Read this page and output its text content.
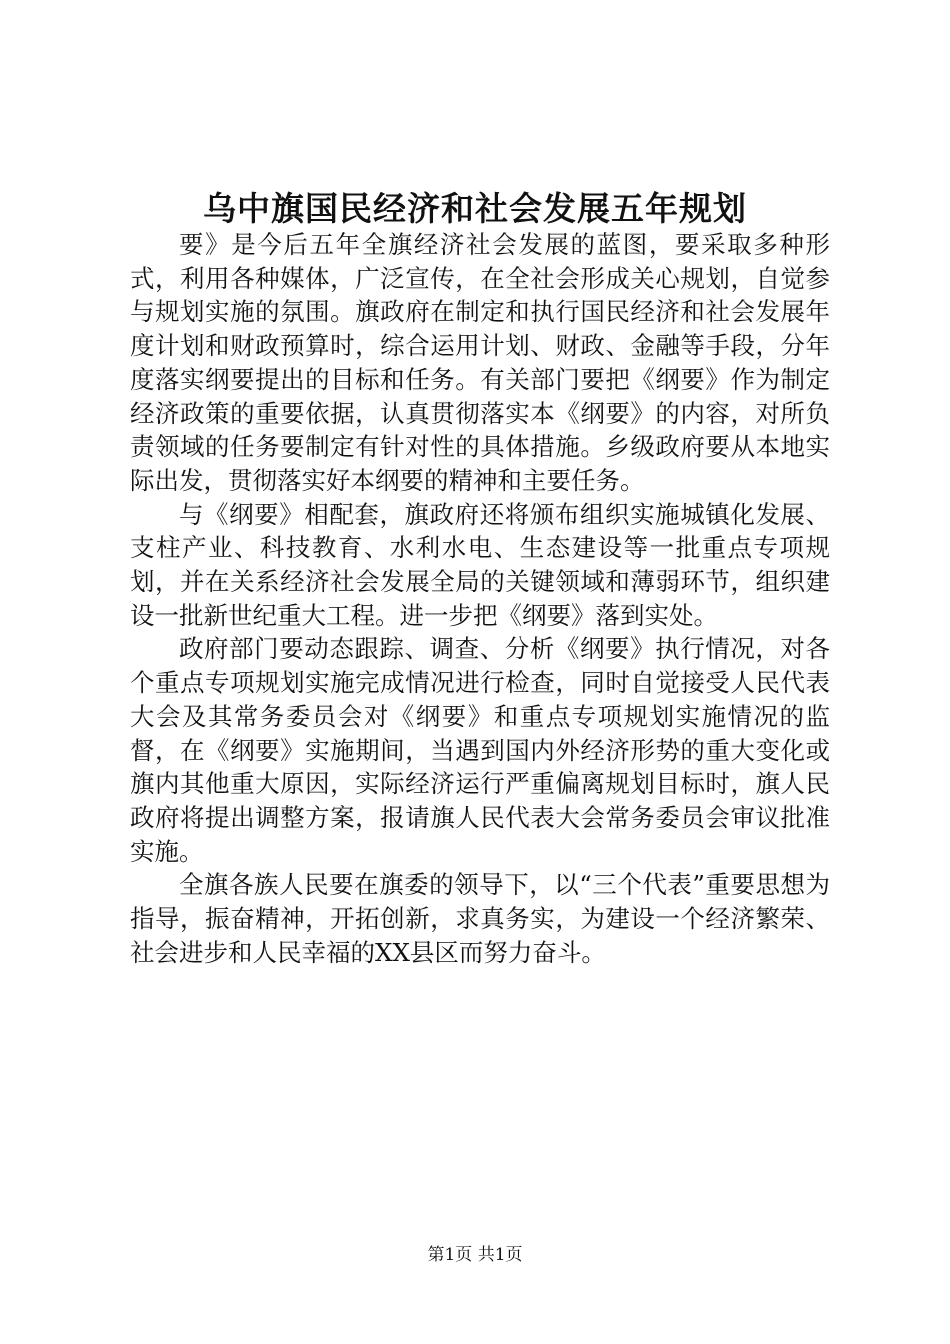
乌中旗国民经济和社会发展五年规划

要》是今后五年全旗经济社会发展的蓝图，要采取多种形式，利用各种媒体，广泛宣传，在全社会形成关心规划，自觉参与规划实施的氛围。旗政府在制定和执行国民经济和社会发展年度计划和财政预算时，综合运用计划、财政、金融等手段，分年度落实纲要提出的目标和任务。有关部门要把《纲要》作为制定经济政策的重要依据，认真贯彻落实本《纲要》的内容，对所负责领域的任务要制定有针对性的具体措施。乡级政府要从本地实际出发，贯彻落实好本纲要的精神和主要任务。

与《纲要》相配套，旗政府还将颁布组织实施城镇化发展、支柱产业、科技教育、水利水电、生态建设等一批重点专项规划，并在关系经济社会发展全局的关键领域和薄弱环节，组织建设一批新世纪重大工程。进一步把《纲要》落到实处。

政府部门要动态跟踪、调查、分析《纲要》执行情况，对各个重点专项规划实施完成情况进行检查，同时自觉接受人民代表大会及其常务委员会对《纲要》和重点专项规划实施情况的监督，在《纲要》实施期间，当遇到国内外经济形势的重大变化或旗内其他重大原因，实际经济运行严重偏离规划目标时，旗人民政府将提出调整方案，报请旗人民代表大会常务委员会审议批准实施。

全旗各族人民要在旗委的领导下，以“三个代表”重要思想为指导，振奋精神，开拓创新，求真务实，为建设一个经济繁荣、社会进步和人民幸福的XX县区而努力奋斗。

第1页 共1页
